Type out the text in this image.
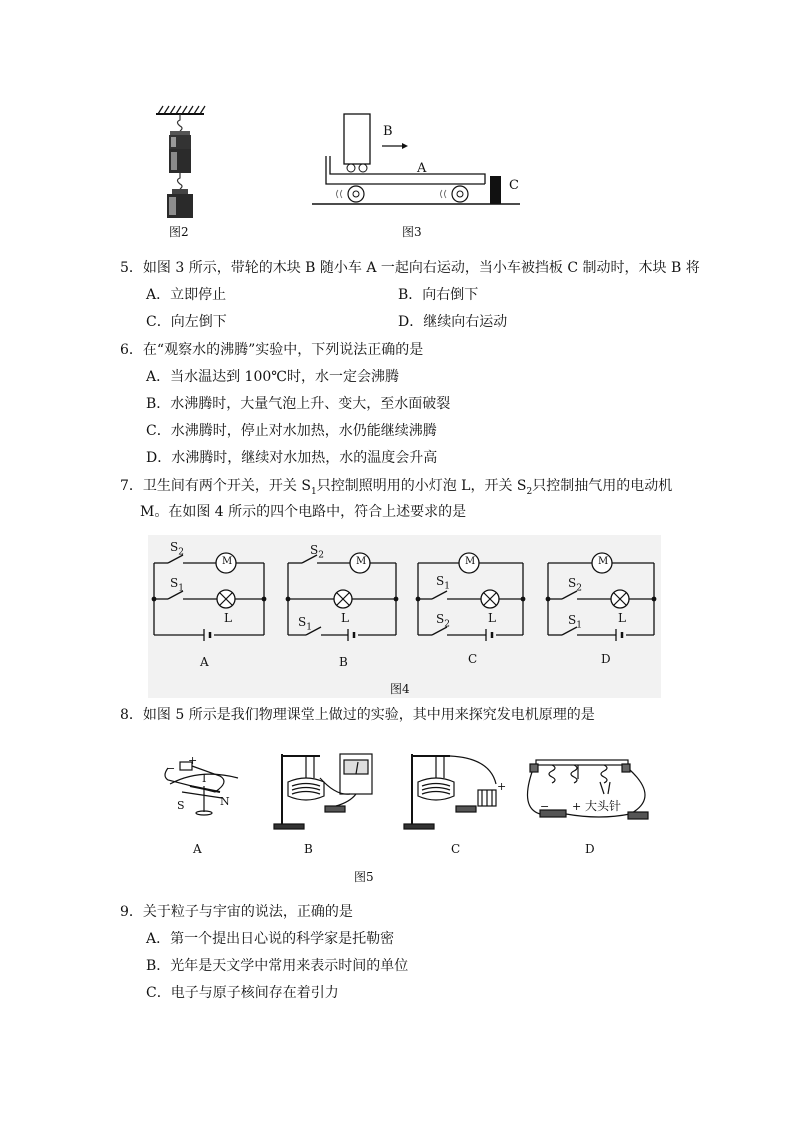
图2
B
A
C
图3
5．如图 3 所示，带轮的木块 B 随小车 A 一起向右运动，当小车被挡板 C 制动时，木块 B 将
A．立即停止	B．向右倒下
C．向左倒下	D．继续向右运动
6．在“观察水的沸腾”实验中，下列说法正确的是
A．当水温达到 100℃时，水一定会沸腾
B．水沸腾时，大量气泡上升、变大，至水面破裂
C．水沸腾时，停止对水加热，水仍能继续沸腾
D．水沸腾时，继续对水加热，水的温度会升高
7．卫生间有两个开关，开关 $S_1$只控制照明用的小灯泡 L，开关 $S_2$只控制抽气用的电动机
M。在如图 4 所示的四个电路中，符合上述要求的是
$S_2$
M
$S_1$
L
A
$S_2$
M
L
$S_1$
B
M
$S_1$
L
$S_2$
C
M
$S_2$
L
$S_1$
D
图4
8．如图 5 所示是我们物理课堂上做过的实验，其中用来探究发电机原理的是
+
−
I
S	N
+
− + 大头针
A	B	C	D
图5
9．关于粒子与宇宙的说法，正确的是
A．第一个提出日心说的科学家是托勒密
B．光年是天文学中常用来表示时间的单位
C．电子与原子核间存在着引力
